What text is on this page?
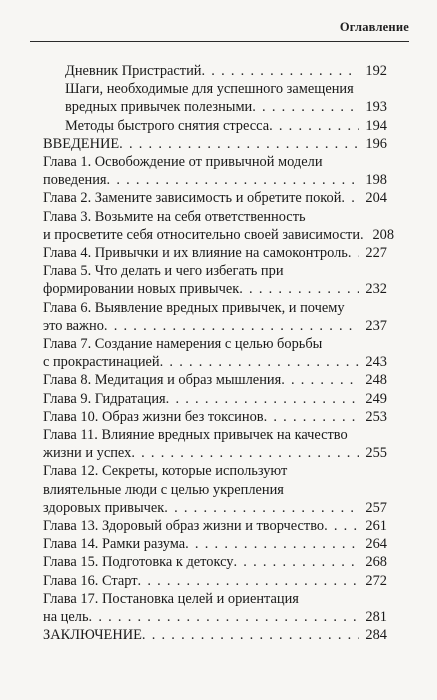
Оглавление
Дневник Пристрастий . . .	192
Шаги, необходимые для успешного замещения
вредных привычек полезными . . .	193
Методы быстрого снятия стресса . . .	194
ВВЕДЕНИЕ . . .	196
Глава 1. Освобождение от привычной модели
поведения . . .	198
Глава 2. Замените зависимость и обретите покой . . .	204
Глава 3. Возьмите на себя ответственность
и просветите себя относительно своей зависимости . . . 208
Глава 4. Привычки и их влияние на самоконтроль . . .	227
Глава 5. Что делать и чего избегать при
формировании новых привычек . . .	232
Глава 6. Выявление вредных привычек, и почему
это важно . . .	237
Глава 7. Создание намерения с целью борьбы
с прокрастинацией . . .	243
Глава 8. Медитация и образ мышления . . .	248
Глава 9. Гидратация . . .	249
Глава 10. Образ жизни без токсинов . . .	253
Глава 11. Влияние вредных привычек на качество
жизни и успех . . .	255
Глава 12. Секреты, которые используют
влиятельные люди с целью укрепления
здоровых привычек . . .	257
Глава 13. Здоровый образ жизни и творчество . . .	261
Глава 14. Рамки разума . . .	264
Глава 15. Подготовка к детоксу . . .	268
Глава 16. Старт . . .	272
Глава 17. Постановка целей и ориентация
на цель . . .	281
ЗАКЛЮЧЕНИЕ . . .	284
